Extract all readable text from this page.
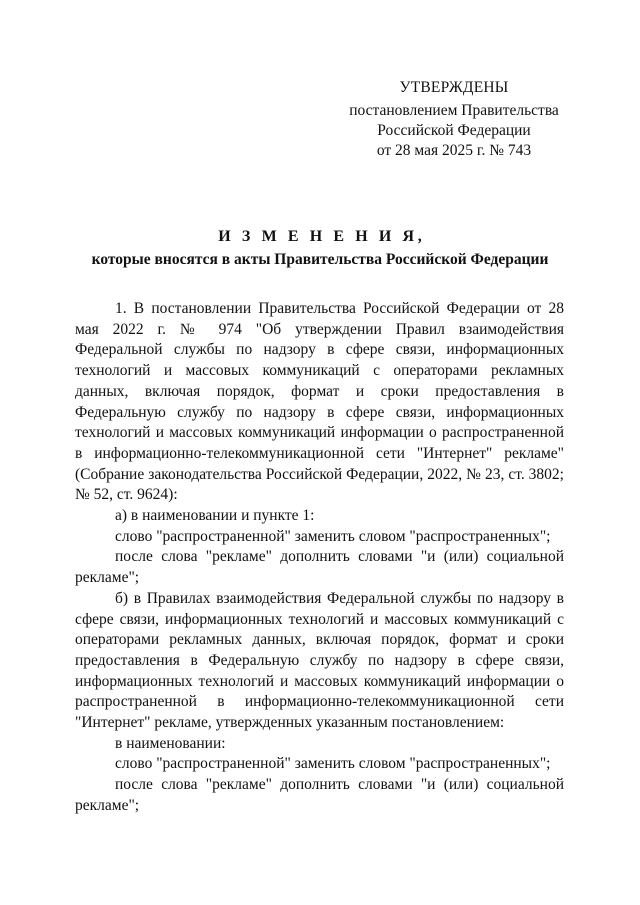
УТВЕРЖДЕНЫ
постановлением Правительства
Российской Федерации
от 28 мая 2025 г. № 743
И З М Е Н Е Н И Я,
которые вносятся в акты Правительства Российской Федерации

1. В постановлении Правительства Российской Федерации от 28 мая 2022 г. № 974 "Об утверждении Правил взаимодействия Федеральной службы по надзору в сфере связи, информационных технологий и массовых коммуникаций с операторами рекламных данных, включая порядок, формат и сроки предоставления в Федеральную службу по надзору в сфере связи, информационных технологий и массовых коммуникаций информации о распространенной в информационно-телекоммуникационной сети "Интернет" рекламе" (Собрание законодательства Российской Федерации, 2022, № 23, ст. 3802; № 52, ст. 9624):

а) в наименовании и пункте 1:

слово "распространенной" заменить словом "распространенных";

после слова "рекламе" дополнить словами "и (или) социальной рекламе";

б) в Правилах взаимодействия Федеральной службы по надзору в сфере связи, информационных технологий и массовых коммуникаций с операторами рекламных данных, включая порядок, формат и сроки предоставления в Федеральную службу по надзору в сфере связи, информационных технологий и массовых коммуникаций информации о распространенной в информационно-телекоммуникационной сети "Интернет" рекламе, утвержденных указанным постановлением:

в наименовании:

слово "распространенной" заменить словом "распространенных";

после слова "рекламе" дополнить словами "и (или) социальной рекламе";
